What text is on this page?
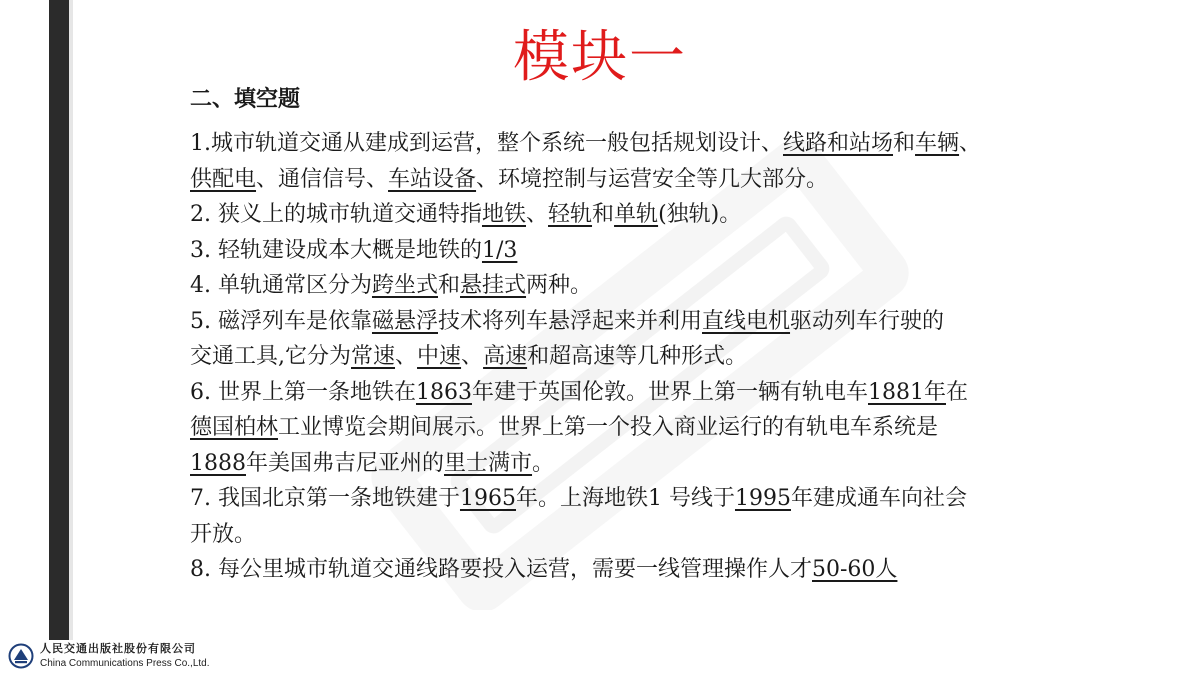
模块一
二、填空题

1.城市轨道交通从建成到运营，整个系统一般包括规划设计、线路和站场和车辆、
供配电、通信信号、车站设备、环境控制与运营安全等几大部分。

2. 狭义上的城市轨道交通特指地铁、轻轨和单轨(独轨)。

3. 轻轨建设成本大概是地铁的1/3

4. 单轨通常区分为跨坐式和悬挂式两种。

5. 磁浮列车是依靠磁悬浮技术将列车悬浮起来并利用直线电机驱动列车行驶的
交通工具,它分为常速、中速、高速和超高速等几种形式。

6. 世界上第一条地铁在1863年建于英国伦敦。世界上第一辆有轨电车1881年在
德国柏林工业博览会期间展示。世界上第一个投入商业运行的有轨电车系统是
1888年美国弗吉尼亚州的里士满市。

7. 我国北京第一条地铁建于1965年。上海地铁1 号线于1995年建成通车向社会
开放。

8. 每公里城市轨道交通线路要投入运营，需要一线管理操作人才50-60人

人民交通出版社股份有限公司
China Communications Press Co.,Ltd.
